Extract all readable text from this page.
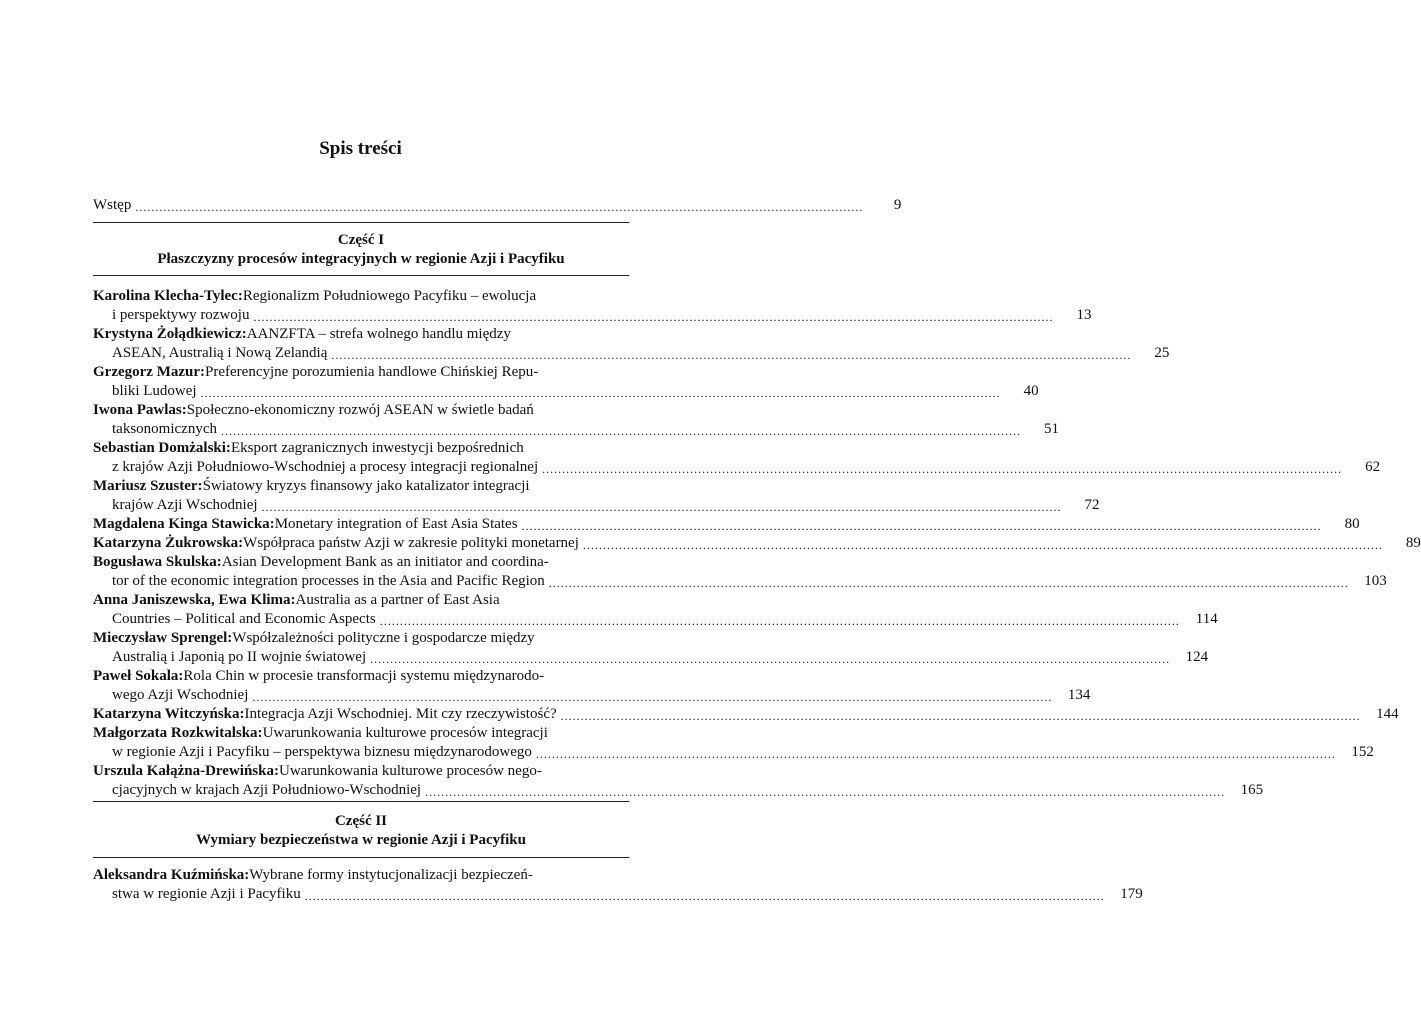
Spis treści
Wstęp ......................................................................................................................................................................................	9
Część I
Płaszczyzny procesów integracyjnych w regionie Azji i Pacyfiku
Karolina Klecha-Tylec: Regionalizm Południowego Pacyfiku – ewolucja
i perspektywy rozwoju ........................................................................................................................................................................................................	13
Krystyna Żołądkiewicz: AANZFTA – strefa wolnego handlu między
ASEAN, Australią i Nową Zelandią ........................................................................................................................................................................................................	25
Grzegorz Mazur: Preferencyjne porozumienia handlowe Chińskiej Repu-
bliki Ludowej ........................................................................................................................................................................................................	40
Iwona Pawlas: Społeczno-ekonomiczny rozwój ASEAN w świetle badań
taksonomicznych ........................................................................................................................................................................................................	51
Sebastian Domżalski: Eksport zagranicznych inwestycji bezpośrednich
z krajów Azji Południowo-Wschodniej a procesy integracji regionalnej ........................................................................................................................................................................................................	62
Mariusz Szuster: Światowy kryzys finansowy jako katalizator integracji
krajów Azji Wschodniej ........................................................................................................................................................................................................	72
Magdalena Kinga Stawicka: Monetary integration of East Asia States ........................................................................................................................................................................................................	80
Katarzyna Żukrowska: Współpraca państw Azji w zakresie polityki monetarnej ........................................................................................................................................................................................................	89
Bogusława Skulska: Asian Development Bank as an initiator and coordina-
tor of the economic integration processes in the Asia and Pacific Region ........................................................................................................................................................................................................	103
Anna Janiszewska, Ewa Klima: Australia as a partner of East Asia
Countries – Political and Economic Aspects ........................................................................................................................................................................................................	114
Mieczysław Sprengel: Współzależności polityczne i gospodarcze między
Australią i Japonią po II wojnie światowej ........................................................................................................................................................................................................	124
Paweł Sokala: Rola Chin w procesie transformacji systemu międzynarodo-
wego Azji Wschodniej ........................................................................................................................................................................................................	134
Katarzyna Witczyńska: Integracja Azji Wschodniej. Mit czy rzeczywistość? ........................................................................................................................................................................................................	144
Małgorzata Rozkwitalska: Uwarunkowania kulturowe procesów integracji
w regionie Azji i Pacyfiku – perspektywa biznesu międzynarodowego ........................................................................................................................................................................................................	152
Urszula Kałążna-Drewińska: Uwarunkowania kulturowe procesów nego-
cjacyjnych w krajach Azji Południowo-Wschodniej ........................................................................................................................................................................................................	165
Część II
Wymiary bezpieczeństwa w regionie Azji i Pacyfiku
Aleksandra Kuźmińska: Wybrane formy instytucjonalizacji bezpieczeń-
stwa w regionie Azji i Pacyfiku ........................................................................................................................................................................................................	179
